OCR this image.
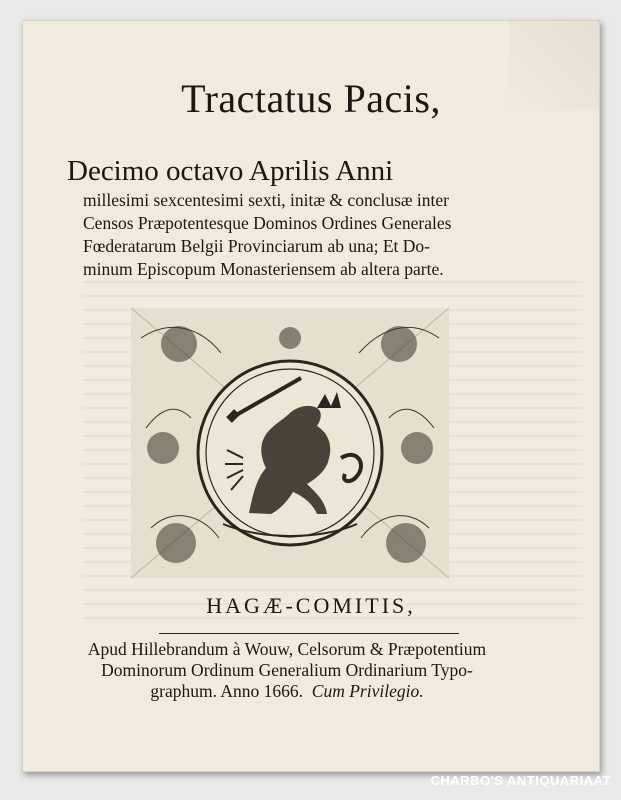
Tractatus Pacis,
Decimo octavo Aprilis Anni
millesimi sexcentesimi sexti, initæ & conclusæ inter
Censos Præpotentesque Dominos Ordines Generales
Fœderatarum Belgii Provinciarum ab una; Et Do-
minum Episcopum Monasteriensem ab altera parte.
HAGÆ-COMITIS,
Apud Hillebrandum à Wouw, Celsorum & Præpotentium
Dominorum Ordinum Generalium Ordinarium Typo-
graphum. Anno 1666. Cum Privilegio.
CHARBO'S ANTIQUARIAAT
